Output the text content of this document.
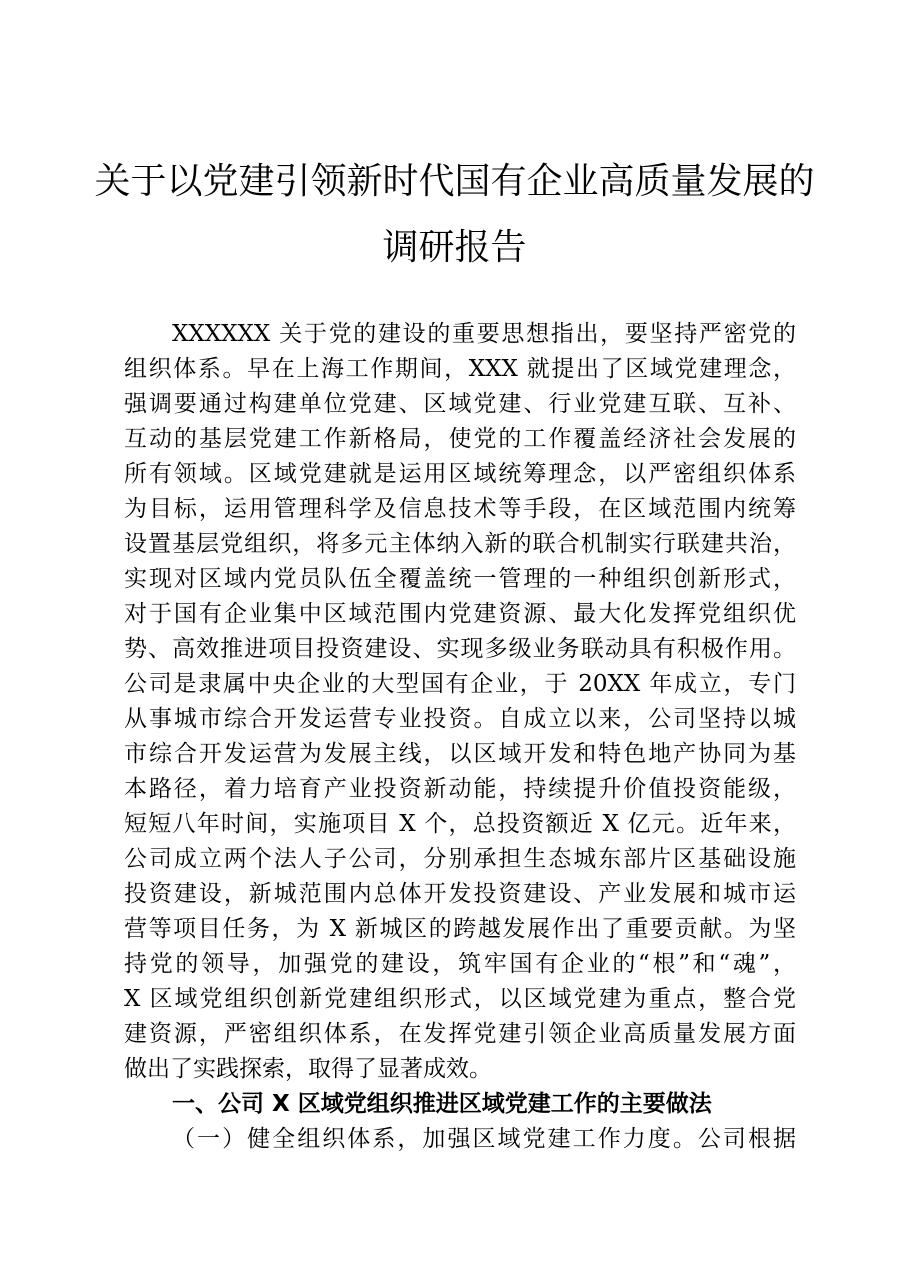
关于以党建引领新时代国有企业高质量发展的
调研报告
XXXXXX 关于党的建设的重要思想指出，要坚持严密党的
组织体系。早在上海工作期间，XXX 就提出了区域党建理念，
强调要通过构建单位党建、区域党建、行业党建互联、互补、
互动的基层党建工作新格局，使党的工作覆盖经济社会发展的
所有领域。区域党建就是运用区域统筹理念，以严密组织体系
为目标，运用管理科学及信息技术等手段，在区域范围内统筹
设置基层党组织，将多元主体纳入新的联合机制实行联建共治，
实现对区域内党员队伍全覆盖统一管理的一种组织创新形式，
对于国有企业集中区域范围内党建资源、最大化发挥党组织优
势、高效推进项目投资建设、实现多级业务联动具有积极作用。
公司是隶属中央企业的大型国有企业，于 20XX 年成立，专门
从事城市综合开发运营专业投资。自成立以来，公司坚持以城
市综合开发运营为发展主线，以区域开发和特色地产协同为基
本路径，着力培育产业投资新动能，持续提升价值投资能级，
短短八年时间，实施项目 X 个，总投资额近 X 亿元。近年来，
公司成立两个法人子公司，分别承担生态城东部片区基础设施
投资建设，新城范围内总体开发投资建设、产业发展和城市运
营等项目任务，为 X 新城区的跨越发展作出了重要贡献。为坚
持党的领导，加强党的建设，筑牢国有企业的“根”和“魂”，
X 区域党组织创新党建组织形式，以区域党建为重点，整合党
建资源，严密组织体系，在发挥党建引领企业高质量发展方面
做出了实践探索，取得了显著成效。
一、公司 X 区域党组织推进区域党建工作的主要做法
（一）健全组织体系，加强区域党建工作力度。公司根据
